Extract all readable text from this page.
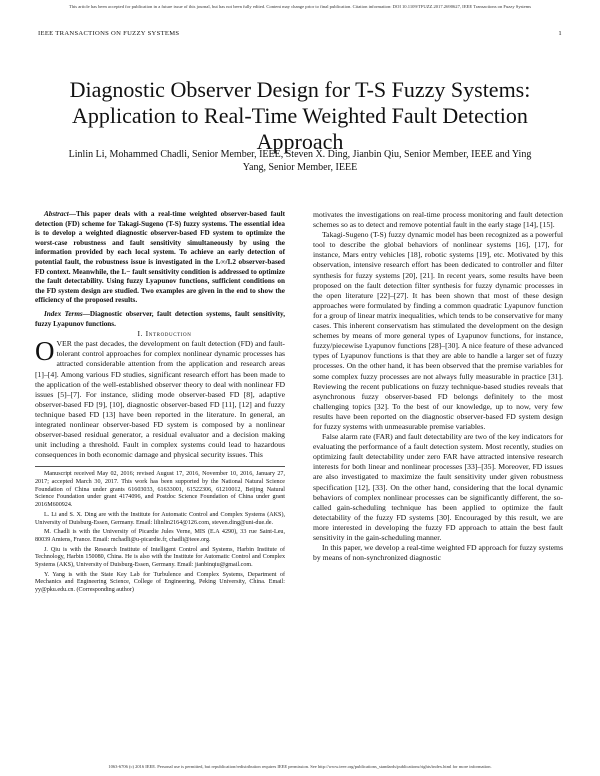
This article has been accepted for publication in a future issue of this journal, but has not been fully edited. Content may change prior to final publication. Citation information: DOI 10.1109/TFUZZ.2017.2690627, IEEE Transactions on Fuzzy Systems
IEEE TRANSACTIONS ON FUZZY SYSTEMS	1
Diagnostic Observer Design for T-S Fuzzy Systems: Application to Real-Time Weighted Fault Detection Approach
Linlin Li, Mohammed Chadli, Senior Member, IEEE, Steven X. Ding, Jianbin Qiu, Senior Member, IEEE and Ying Yang, Senior Member, IEEE

Abstract—This paper deals with a real-time weighted observer-based fault detection (FD) scheme for Takagi-Sugeno (T-S) fuzzy systems. The essential idea is to develop a weighted diagnostic observer-based FD system to optimize the worst-case robustness and fault sensitivity simultaneously by using the information provided by each local system. To achieve an early detection of potential fault, the robustness issue is investigated in the L∞/L2 observer-based FD context. Meanwhile, the L− fault sensitivity condition is addressed to optimize the fault detectability. Using fuzzy Lyapunov functions, sufficient conditions on the FD system design are studied. Two examples are given in the end to show the efficiency of the proposed results.

Index Terms—Diagnostic observer, fault detection systems, fault sensitivity, fuzzy Lyapunov functions.

I. Introduction

OVER the past decades, the development on fault detection (FD) and fault-tolerant control approaches for complex nonlinear dynamic processes has attracted considerable attention from the application and research areas [1]–[4]. Among various FD studies, significant research effort has been made to the application of the well-established observer theory to deal with nonlinear FD issues [5]–[7]. For instance, sliding mode observer-based FD [8], adaptive observer-based FD [9], [10], diagnostic observer-based FD [11], [12] and fuzzy technique based FD [13] have been reported in the literature. In general, an integrated nonlinear observer-based FD system is composed by a nonlinear observer-based residual generator, a residual evaluator and a decision making unit including a threshold. Fault in complex systems could lead to hazardous consequences in both economic damage and physical security issues. This

Manuscript received May 02, 2016; revised August 17, 2016, November 10, 2016, January 27, 2017; accepted March 30, 2017. This work has been supported by the National Natural Science Foundation of China under grants 61603033, 61633001, 61522306, 61210012, Beijing Natural Science Foundation under grant 4174096, and Postdoc Science Foundation of China under grant 2016M600924.

L. Li and S. X. Ding are with the Institute for Automatic Control and Complex Systems (AKS), University of Duisburg-Essen, Germany. Email: lilinlin2164@126.com, steven.ding@uni-due.de.

M. Chadli is with the University of Picardie Jules Verne, MIS (E.A 4290), 33 rue Saint-Leu, 80039 Amiens, France. Email: mchadli@u-picardie.fr, chadli@ieee.org.

J. Qiu is with the Research Institute of Intelligent Control and Systems, Harbin Institute of Technology, Harbin 150080, China. He is also with the Institute for Automatic Control and Complex Systems (AKS), University of Duisburg-Essen, Germany. Email: jianbinqiu@gmail.com.

Y. Yang is with the State Key Lab for Turbulence and Complex Systems, Department of Mechanics and Engineering Science, College of Engineering, Peking University, China. Email: yy@pku.edu.cn. (Corresponding author)

motivates the investigations on real-time process monitoring and fault detection schemes so as to detect and remove potential fault in the early stage [14], [15].

Takagi-Sugeno (T-S) fuzzy dynamic model has been recognized as a powerful tool to describe the global behaviors of nonlinear systems [16], [17], for instance, Mars entry vehicles [18], robotic systems [19], etc. Motivated by this observation, intensive research effort has been dedicated to controller and filter synthesis for fuzzy systems [20], [21]. In recent years, some results have been proposed on the fault detection filter synthesis for fuzzy dynamic processes in the open literature [22]–[27]. It has been shown that most of these design approaches were formulated by finding a common quadratic Lyapunov function for a group of linear matrix inequalities, which tends to be conservative for many cases. This inherent conservatism has stimulated the development on the design schemes by means of more general types of Lyapunov functions, for instance, fuzzy/piecewise Lyapunov functions [28]–[30]. A nice feature of these advanced types of Lyapunov functions is that they are able to handle a larger set of fuzzy processes. On the other hand, it has been observed that the premise variables for some complex fuzzy processes are not always fully measurable in practice [31]. Reviewing the recent publications on fuzzy technique-based studies reveals that asynchronous fuzzy observer-based FD belongs definitely to the most challenging topics [32]. To the best of our knowledge, up to now, very few results have been reported on the diagnostic observer-based FD system design for fuzzy systems with unmeasurable premise variables.

False alarm rate (FAR) and fault detectability are two of the key indicators for evaluating the performance of a fault detection system. Most recently, studies on optimizing fault detectability under zero FAR have attracted intensive research interests for both linear and nonlinear processes [33]–[35]. Moreover, FD issues are also investigated to maximize the fault sensitivity under given robustness specification [12], [33]. On the other hand, considering that the local dynamic behaviors of complex nonlinear processes can be significantly different, the so-called gain-scheduling technique has been applied to optimize the fault detectability of the fuzzy FD systems [30]. Encouraged by this result, we are more interested in developing the fuzzy FD approach to attain the best fault sensitivity in the gain-scheduling manner.

In this paper, we develop a real-time weighted FD approach for fuzzy systems by means of non-synchronized diagnostic

1063-6706 (c) 2016 IEEE. Personal use is permitted, but republication/redistribution requires IEEE permission. See http://www.ieee.org/publications_standards/publications/rights/index.html for more information.
